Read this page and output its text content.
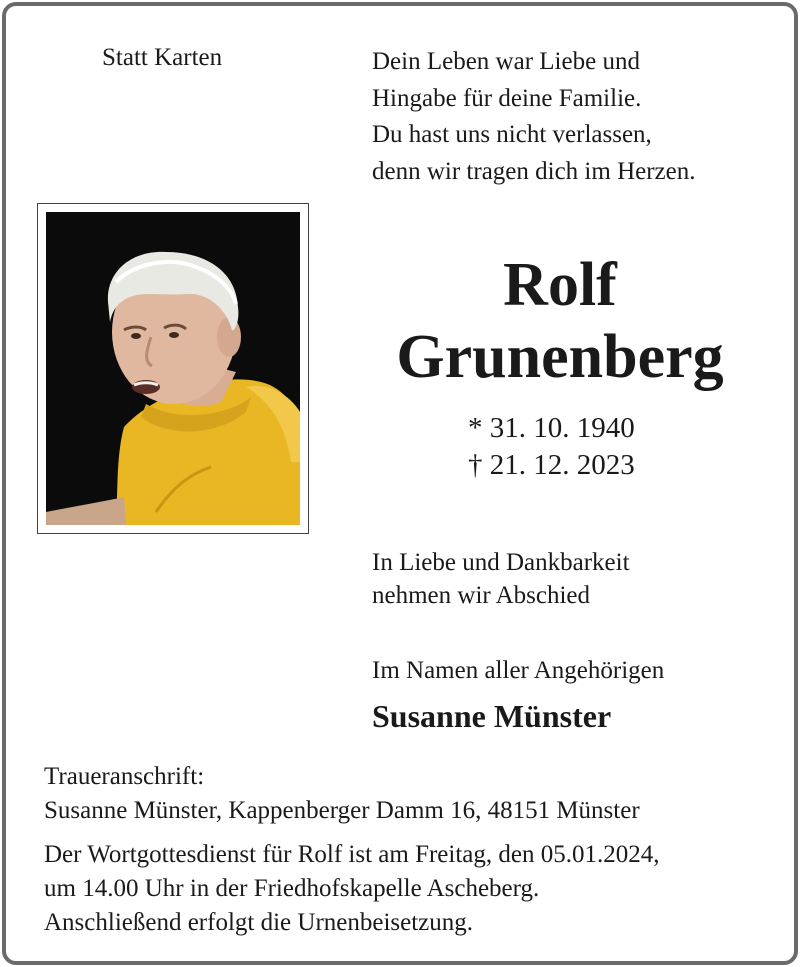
Statt Karten	Dein Leben war Liebe und
Hingabe für deine Familie.
Du hast uns nicht verlassen,
denn wir tragen dich im Herzen.
Rolf
Grunenberg
* 31. 10. 1940
† 21. 12. 2023
In Liebe und Dankbarkeit
nehmen wir Abschied
Im Namen aller Angehörigen
Susanne Münster
Traueranschrift:
Susanne Münster, Kappenberger Damm 16, 48151 Münster
Der Wortgottesdienst für Rolf ist am Freitag, den 05.01.2024,
um 14.00 Uhr in der Friedhofskapelle Ascheberg.
Anschließend erfolgt die Urnenbeisetzung.
